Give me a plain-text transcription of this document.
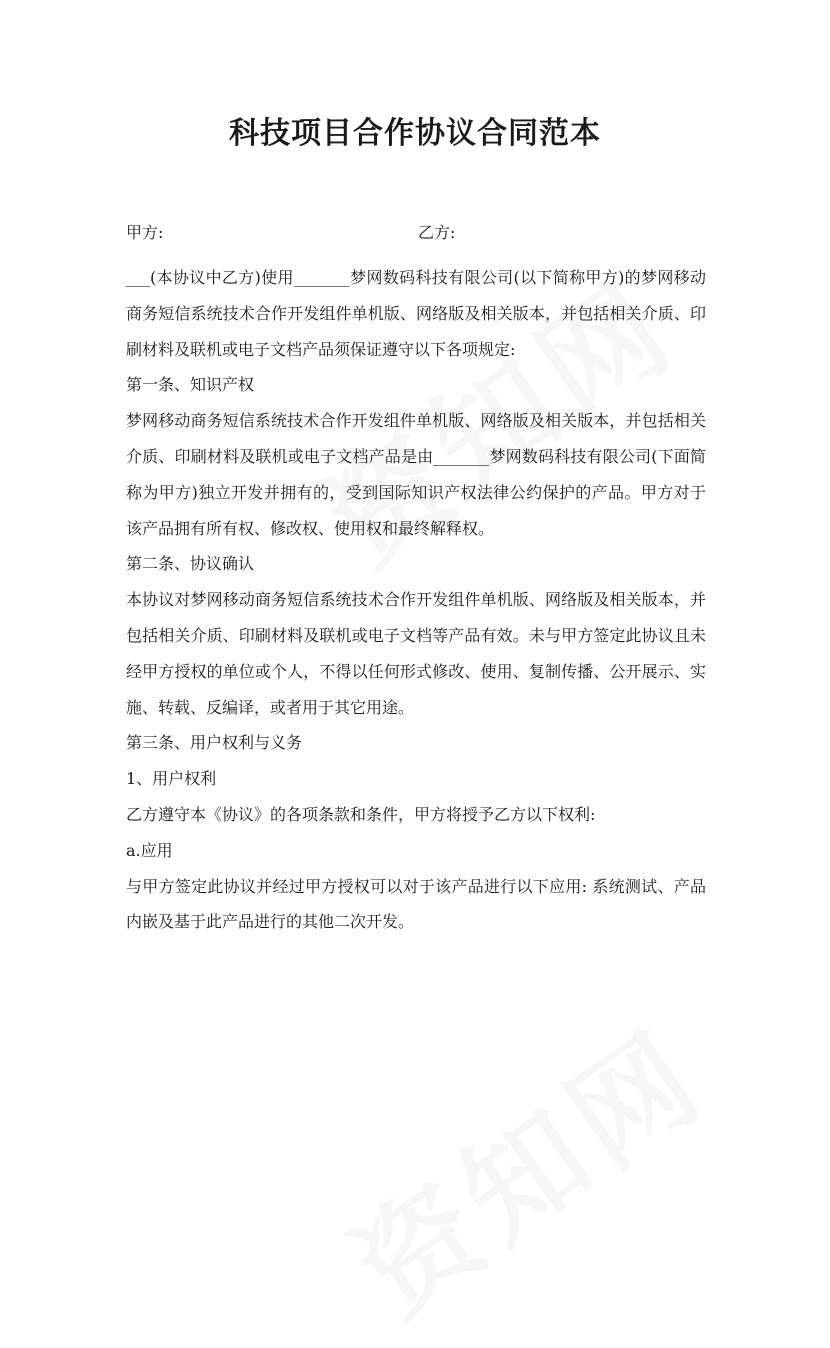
科技项目合作协议合同范本
甲方:	乙方:

___(本协议中乙方)使用_______梦网数码科技有限公司(以下简称甲方)的梦网移动商务短信系统技术合作开发组件单机版、网络版及相关版本，并包括相关介质、印刷材料及联机或电子文档产品须保证遵守以下各项规定:

第一条、知识产权

梦网移动商务短信系统技术合作开发组件单机版、网络版及相关版本，并包括相关介质、印刷材料及联机或电子文档产品是由_______梦网数码科技有限公司(下面简称为甲方)独立开发并拥有的，受到国际知识产权法律公约保护的产品。甲方对于该产品拥有所有权、修改权、使用权和最终解释权。

第二条、协议确认

本协议对梦网移动商务短信系统技术合作开发组件单机版、网络版及相关版本，并包括相关介质、印刷材料及联机或电子文档等产品有效。未与甲方签定此协议且未经甲方授权的单位或个人，不得以任何形式修改、使用、复制传播、公开展示、实施、转载、反编译，或者用于其它用途。

第三条、用户权利与义务

1、用户权利

乙方遵守本《协议》的各项条款和条件，甲方将授予乙方以下权利:

a.应用

与甲方签定此协议并经过甲方授权可以对于该产品进行以下应用: 系统测试、产品内嵌及基于此产品进行的其他二次开发。
